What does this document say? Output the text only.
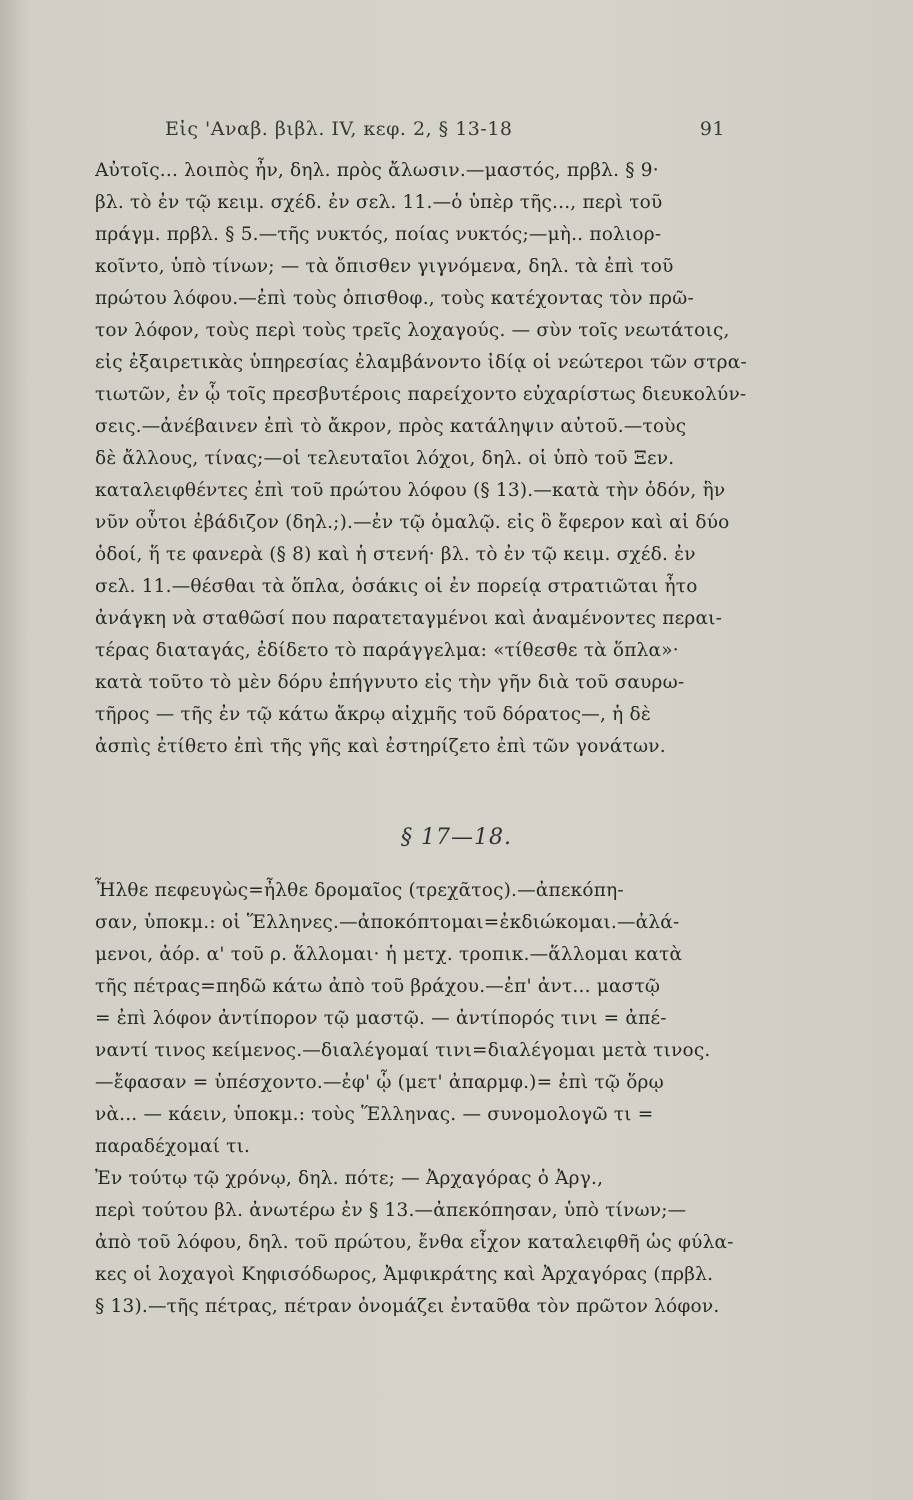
Εἰς 'Αναβ. βιβλ. IV, κεφ. 2, § 13-18	91
Αὐτοῖς... λοιπὸς ἦν, δηλ. πρὸς ἄλωσιν.—μαστός, πρβλ. § 9·
βλ. τὸ ἐν τῷ κειμ. σχέδ. ἐν σελ. 11.—ὁ ὑπὲρ τῆς..., περὶ τοῦ
πράγμ. πρβλ. § 5.—τῆς νυκτός, ποίας νυκτός;—μὴ.. πολιορ-
κοῖντο, ὑπὸ τίνων; — τὰ ὄπισθεν γιγνόμενα, δηλ. τὰ ἐπὶ τοῦ
πρώτου λόφου.—ἐπὶ τοὺς ὀπισθοφ., τοὺς κατέχοντας τὸν πρῶ-
τον λόφον, τοὺς περὶ τοὺς τρεῖς λοχαγούς. — σὺν τοῖς νεωτάτοις,
εἰς ἐξαιρετικὰς ὑπηρεσίας ἐλαμβάνοντο ἰδίᾳ οἱ νεώτεροι τῶν στρα-
τιωτῶν, ἐν ᾧ τοῖς πρεσβυτέροις παρείχοντο εὐχαρίστως διευκολύν-
σεις.—ἀνέβαινεν ἐπὶ τὸ ἄκρον, πρὸς κατάληψιν αὐτοῦ.—τοὺς
δὲ ἄλλους, τίνας;—οἱ τελευταῖοι λόχοι, δηλ. οἱ ὑπὸ τοῦ Ξεν.
καταλειφθέντες ἐπὶ τοῦ πρώτου λόφου (§ 13).—κατὰ τὴν ὁδόν, ἣν
νῦν οὗτοι ἐβάδιζον (δηλ.;).—ἐν τῷ ὁμαλῷ. εἰς ὃ ἔφερον καὶ αἱ δύο
ὁδοί, ἥ τε φανερὰ (§ 8) καὶ ἡ στενή· βλ. τὸ ἐν τῷ κειμ. σχέδ. ἐν
σελ. 11.—θέσθαι τὰ ὅπλα, ὁσάκις οἱ ἐν πορείᾳ στρατιῶται ἦτο
ἀνάγκη νὰ σταθῶσί που παρατεταγμένοι καὶ ἀναμένοντες περαι-
τέρας διαταγάς, ἐδίδετο τὸ παράγγελμα: «τίθεσθε τὰ ὅπλα»·
κατὰ τοῦτο τὸ μὲν δόρυ ἐπήγνυτο εἰς τὴν γῆν διὰ τοῦ σαυρω-
τῆρος — τῆς ἐν τῷ κάτω ἄκρῳ αἰχμῆς τοῦ δόρατος—, ἡ δὲ
ἀσπὶς ἐτίθετο ἐπὶ τῆς γῆς καὶ ἐστηρίζετο ἐπὶ τῶν γονάτων.
§ 17—18.
Ἦλθε πεφευγὼς=ἦλθε δρομαῖος (τρεχᾶτος).—ἀπεκόπη-
σαν, ὑποκμ.: οἱ Ἕλληνες.—ἀποκόπτομαι=ἐκδιώκομαι.—ἀλά-
μενοι, ἀόρ. α' τοῦ ρ. ἅλλομαι· ἡ μετχ. τροπικ.—ἅλλομαι κατὰ
τῆς πέτρας=πηδῶ κάτω ἀπὸ τοῦ βράχου.—ἐπ' ἀντ... μαστῷ
= ἐπὶ λόφον ἀντίπορον τῷ μαστῷ. — ἀντίπορός τινι = ἀπέ-
ναντί τινος κείμενος.—διαλέγομαί τινι=διαλέγομαι μετὰ τινος.
—ἔφασαν = ὑπέσχοντο.—ἐφ' ᾧ (μετ' ἀπαρμφ.)= ἐπὶ τῷ ὅρῳ
νὰ... — κάειν, ὑποκμ.: τοὺς Ἕλληνας. — συνομολογῶ τι =
παραδέχομαί τι.
Ἐν τούτῳ τῷ χρόνῳ, δηλ. πότε; — Ἀρχαγόρας ὁ Ἀργ.,
περὶ τούτου βλ. ἀνωτέρω ἐν § 13.—ἀπεκόπησαν, ὑπὸ τίνων;—
ἀπὸ τοῦ λόφου, δηλ. τοῦ πρώτου, ἔνθα εἶχον καταλειφθῆ ὡς φύλα-
κες οἱ λοχαγοὶ Κηφισόδωρος, Ἀμφικράτης καὶ Ἀρχαγόρας (πρβλ.
§ 13).—τῆς πέτρας, πέτραν ὀνομάζει ἐνταῦθα τὸν πρῶτον λόφον.
